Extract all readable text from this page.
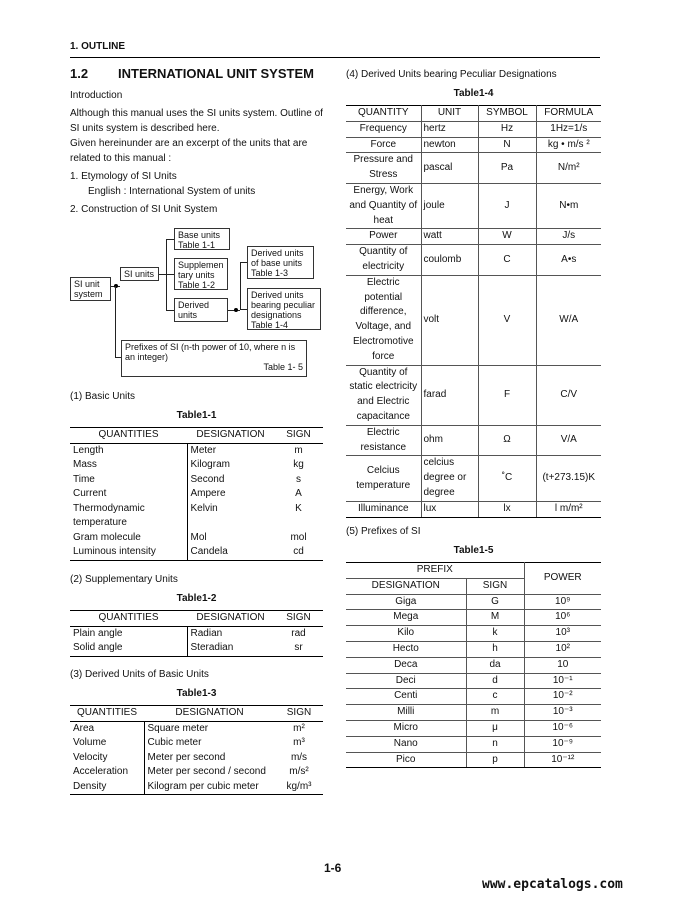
1. OUTLINE
1.2 INTERNATIONAL UNIT SYSTEM
Introduction
Although this manual uses the SI units system. Outline of SI units system is described here.
Given hereinunder are an excerpt of the units that are related to this manual :
1. Etymology of SI Units
English : International System of units
2. Construction of SI Unit System
SI unit system
SI units
Base units Table 1-1
Supplemen tary units Table 1-2
Derived units
Derived units of base units Table 1-3
Derived units bearing peculiar designations Table 1-4
Prefixes of SI (n-th power of 10, where n is an integer)
Table 1- 5
(1) Basic Units
Table1-1
QUANTITIES	DESIGNATION	SIGN
Length	Meter	m
Mass	Kilogram	kg
Time	Second	s
Current	Ampere	A
Thermodynamic temperature	Kelvin	K
Gram molecule	Mol	mol
Luminous intensity	Candela	cd
(2) Supplementary Units
Table1-2
QUANTITIES	DESIGNATION	SIGN
Plain angle	Radian	rad
Solid angle	Steradian	sr
(3) Derived Units of Basic Units
Table1-3
QUANTITIES	DESIGNATION	SIGN
Area	Square meter	m²
Volume	Cubic meter	m³
Velocity	Meter per second	m/s
Acceleration	Meter per second / second	m/s²
Density	Kilogram per cubic meter	kg/m³
(4) Derived Units bearing Peculiar Designations
Table1-4
QUANTITY	UNIT	SYMBOL	FORMULA
Frequency	hertz	Hz	1Hz=1/s
Force	newton	N	kg • m/s ²
Pressure and Stress	pascal	Pa	N/m²
Energy, Work and Quantity of heat	joule	J	N•m
Power	watt	W	J/s
Quantity of electricity	coulomb	C	A•s
Electric potential difference, Voltage, and Electromotive force	volt	V	W/A
Quantity of static electricity and Electric capacitance	farad	F	C/V
Electric resistance	ohm	Ω	V/A
Celcius temperature	celcius degree or degree	˚C	(t+273.15)K
Illuminance	lux	lx	l m/m²
(5) Prefixes of SI
Table1-5
PREFIX		POWER
DESIGNATION	SIGN	
Giga	G	10⁹
Mega	M	10⁶
Kilo	k	10³
Hecto	h	10²
Deca	da	10
Deci	d	10⁻¹
Centi	c	10⁻²
Milli	m	10⁻³
Micro	μ	10⁻⁶
Nano	n	10⁻⁹
Pico	p	10⁻¹²
1-6
www.epcatalogs.com
